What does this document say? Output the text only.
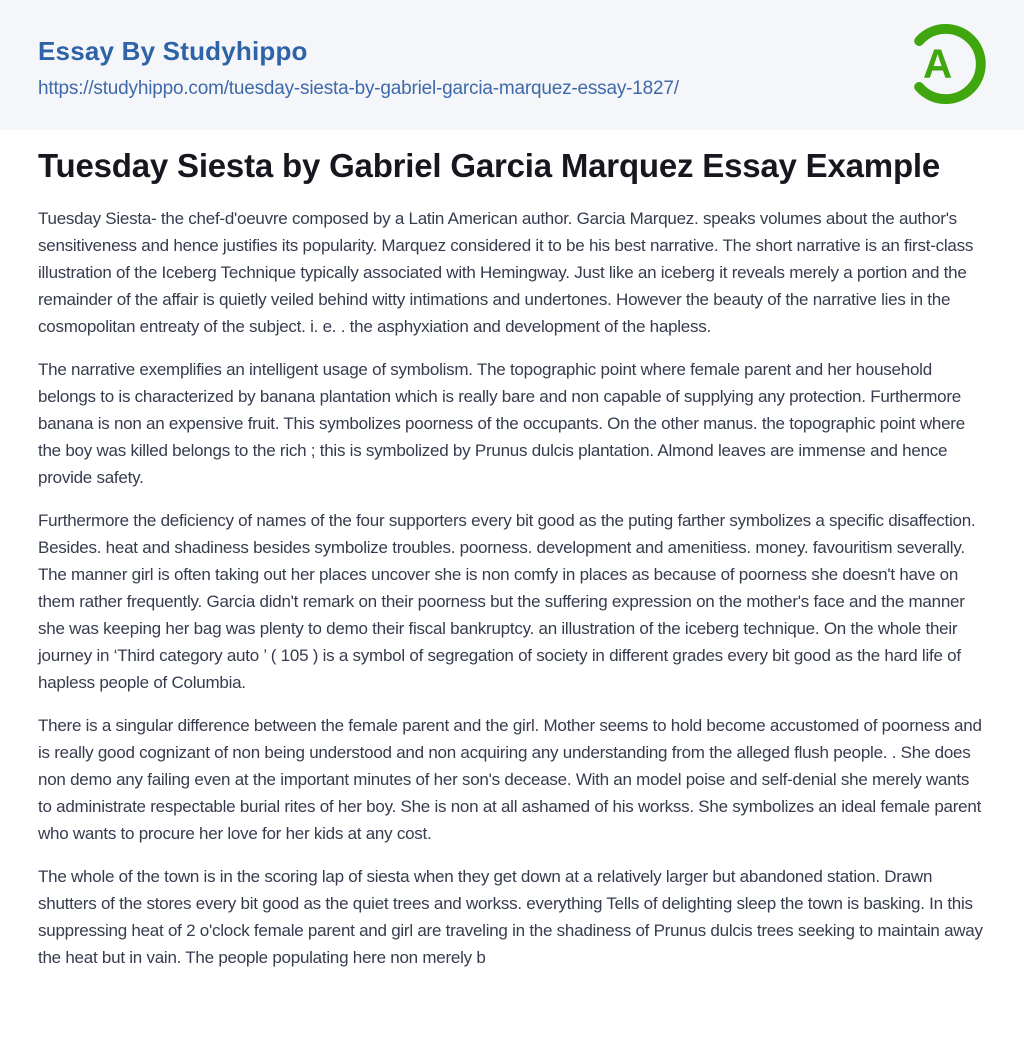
Essay By Studyhippo
https://studyhippo.com/tuesday-siesta-by-gabriel-garcia-marquez-essay-1827/
A
Tuesday Siesta by Gabriel Garcia Marquez Essay Example

Tuesday Siesta- the chef-d'oeuvre composed by a Latin American author. Garcia Marquez. speaks volumes about the author's sensitiveness and hence justifies its popularity. Marquez considered it to be his best narrative. The short narrative is an first-class illustration of the Iceberg Technique typically associated with Hemingway. Just like an iceberg it reveals merely a portion and the remainder of the affair is quietly veiled behind witty intimations and undertones. However the beauty of the narrative lies in the cosmopolitan entreaty of the subject. i. e. . the asphyxiation and development of the hapless.

The narrative exemplifies an intelligent usage of symbolism. The topographic point where female parent and her household belongs to is characterized by banana plantation which is really bare and non capable of supplying any protection. Furthermore banana is non an expensive fruit. This symbolizes poorness of the occupants. On the other manus. the topographic point where the boy was killed belongs to the rich ; this is symbolized by Prunus dulcis plantation. Almond leaves are immense and hence provide safety.

Furthermore the deficiency of names of the four supporters every bit good as the puting farther symbolizes a specific disaffection. Besides. heat and shadiness besides symbolize troubles. poorness. development and amenitiess. money. favouritism severally. The manner girl is often taking out her places uncover she is non comfy in places as because of poorness she doesn't have on them rather frequently. Garcia didn't remark on their poorness but the suffering expression on the mother's face and the manner she was keeping her bag was plenty to demo their fiscal bankruptcy. an illustration of the iceberg technique. On the whole their journey in ‘Third category auto ’ ( 105 ) is a symbol of segregation of society in different grades every bit good as the hard life of hapless people of Columbia.

There is a singular difference between the female parent and the girl. Mother seems to hold become accustomed of poorness and is really good cognizant of non being understood and non acquiring any understanding from the alleged flush people. . She does non demo any failing even at the important minutes of her son's decease. With an model poise and self-denial she merely wants to administrate respectable burial rites of her boy. She is non at all ashamed of his workss. She symbolizes an ideal female parent who wants to procure her love for her kids at any cost.

The whole of the town is in the scoring lap of siesta when they get down at a relatively larger but abandoned station. Drawn shutters of the stores every bit good as the quiet trees and workss. everything Tells of delighting sleep the town is basking. In this suppressing heat of 2 o'clock female parent and girl are traveling in the shadiness of Prunus dulcis trees seeking to maintain away the heat but in vain. The people populating here non merely b
